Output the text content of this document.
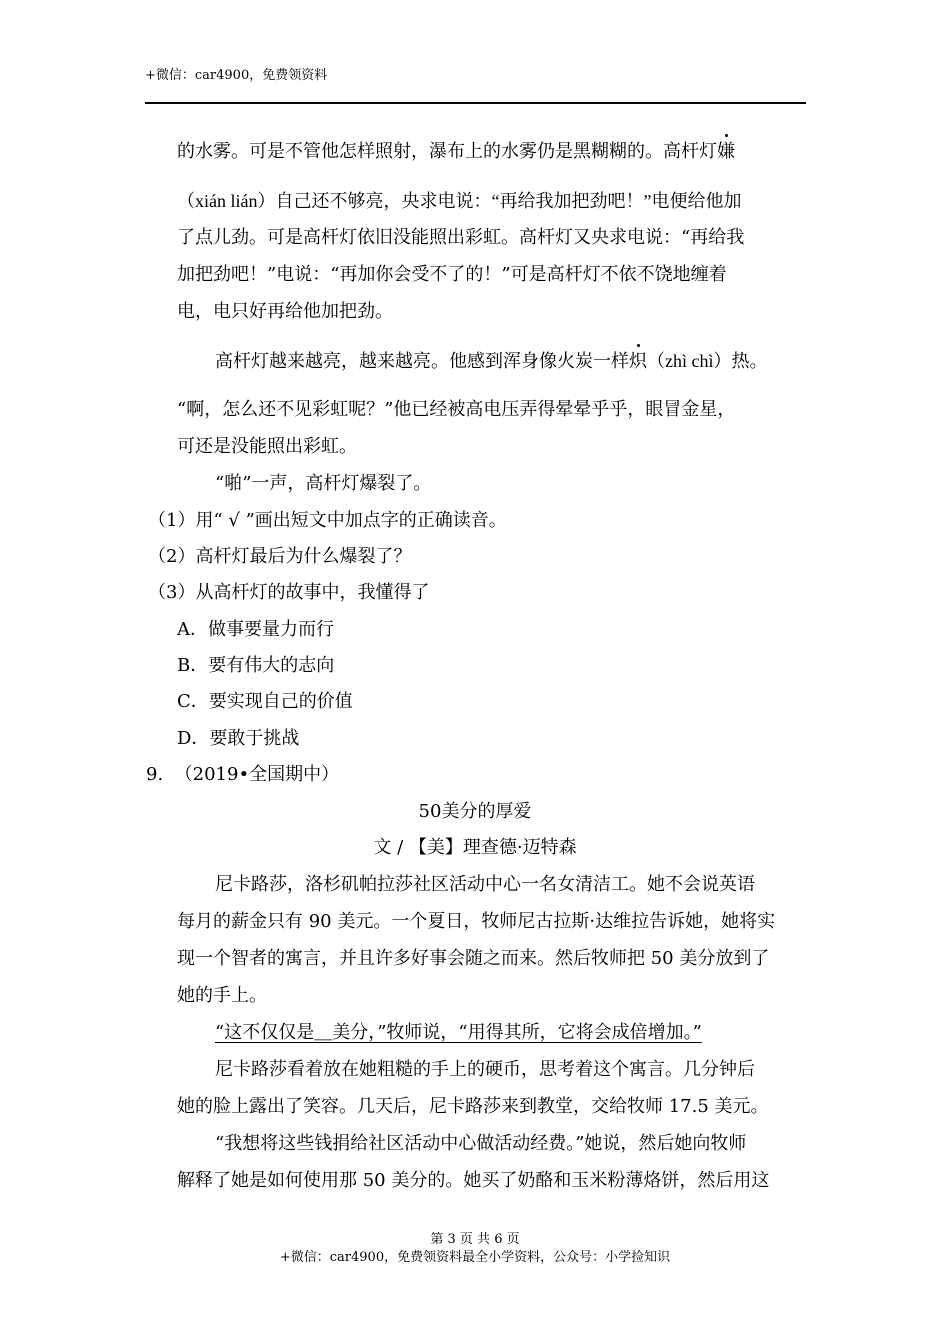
+微信：car4900，免费领资料
的水雾。可是不管他怎样照射，瀑布上的水雾仍是黑糊糊的。高杆灯嫌
（xián lián）自己还不够亮，央求电说：“再给我加把劲吧！”电便给他加
了点儿劲。可是高杆灯依旧没能照出彩虹。高杆灯又央求电说：“再给我
加把劲吧！”电说：“再加你会受不了的！”可是高杆灯不依不饶地缠着
电，电只好再给他加把劲。
高杆灯越来越亮，越来越亮。他感到浑身像火炭一样炽（zhì chì）热。
“啊，怎么还不见彩虹呢？”他已经被高电压弄得晕晕乎乎，眼冒金星，
可还是没能照出彩虹。
“啪”一声，高杆灯爆裂了。
（1）用“ √ ”画出短文中加点字的正确读音。
（2）高杆灯最后为什么爆裂了？
（3）从高杆灯的故事中，我懂得了
A．做事要量力而行
B．要有伟大的志向
C．要实现自己的价值
D．要敢于挑战
9. （2019•全国期中）
50美分的厚爱
文 / 【美】理查德·迈特森
尼卡路莎，洛杉矶帕拉莎社区活动中心一名女清洁工。她不会说英语
每月的薪金只有 90 美元。一个夏日，牧师尼古拉斯·达维拉告诉她，她将实
现一个智者的寓言，并且许多好事会随之而来。然后牧师把 50 美分放到了
她的手上。
“这不仅仅是＿美分，”牧师说，“用得其所，它将会成倍增加。”
尼卡路莎看着放在她粗糙的手上的硬币，思考着这个寓言。几分钟后
她的脸上露出了笑容。几天后，尼卡路莎来到教堂，交给牧师 17.5 美元。
“我想将这些钱捐给社区活动中心做活动经费。”她说，然后她向牧师
解释了她是如何使用那 50 美分的。她买了奶酪和玉米粉薄烙饼，然后用这
第 3 页 共 6 页
+微信：car4900，免费领资料最全小学资料，公众号：小学捡知识
